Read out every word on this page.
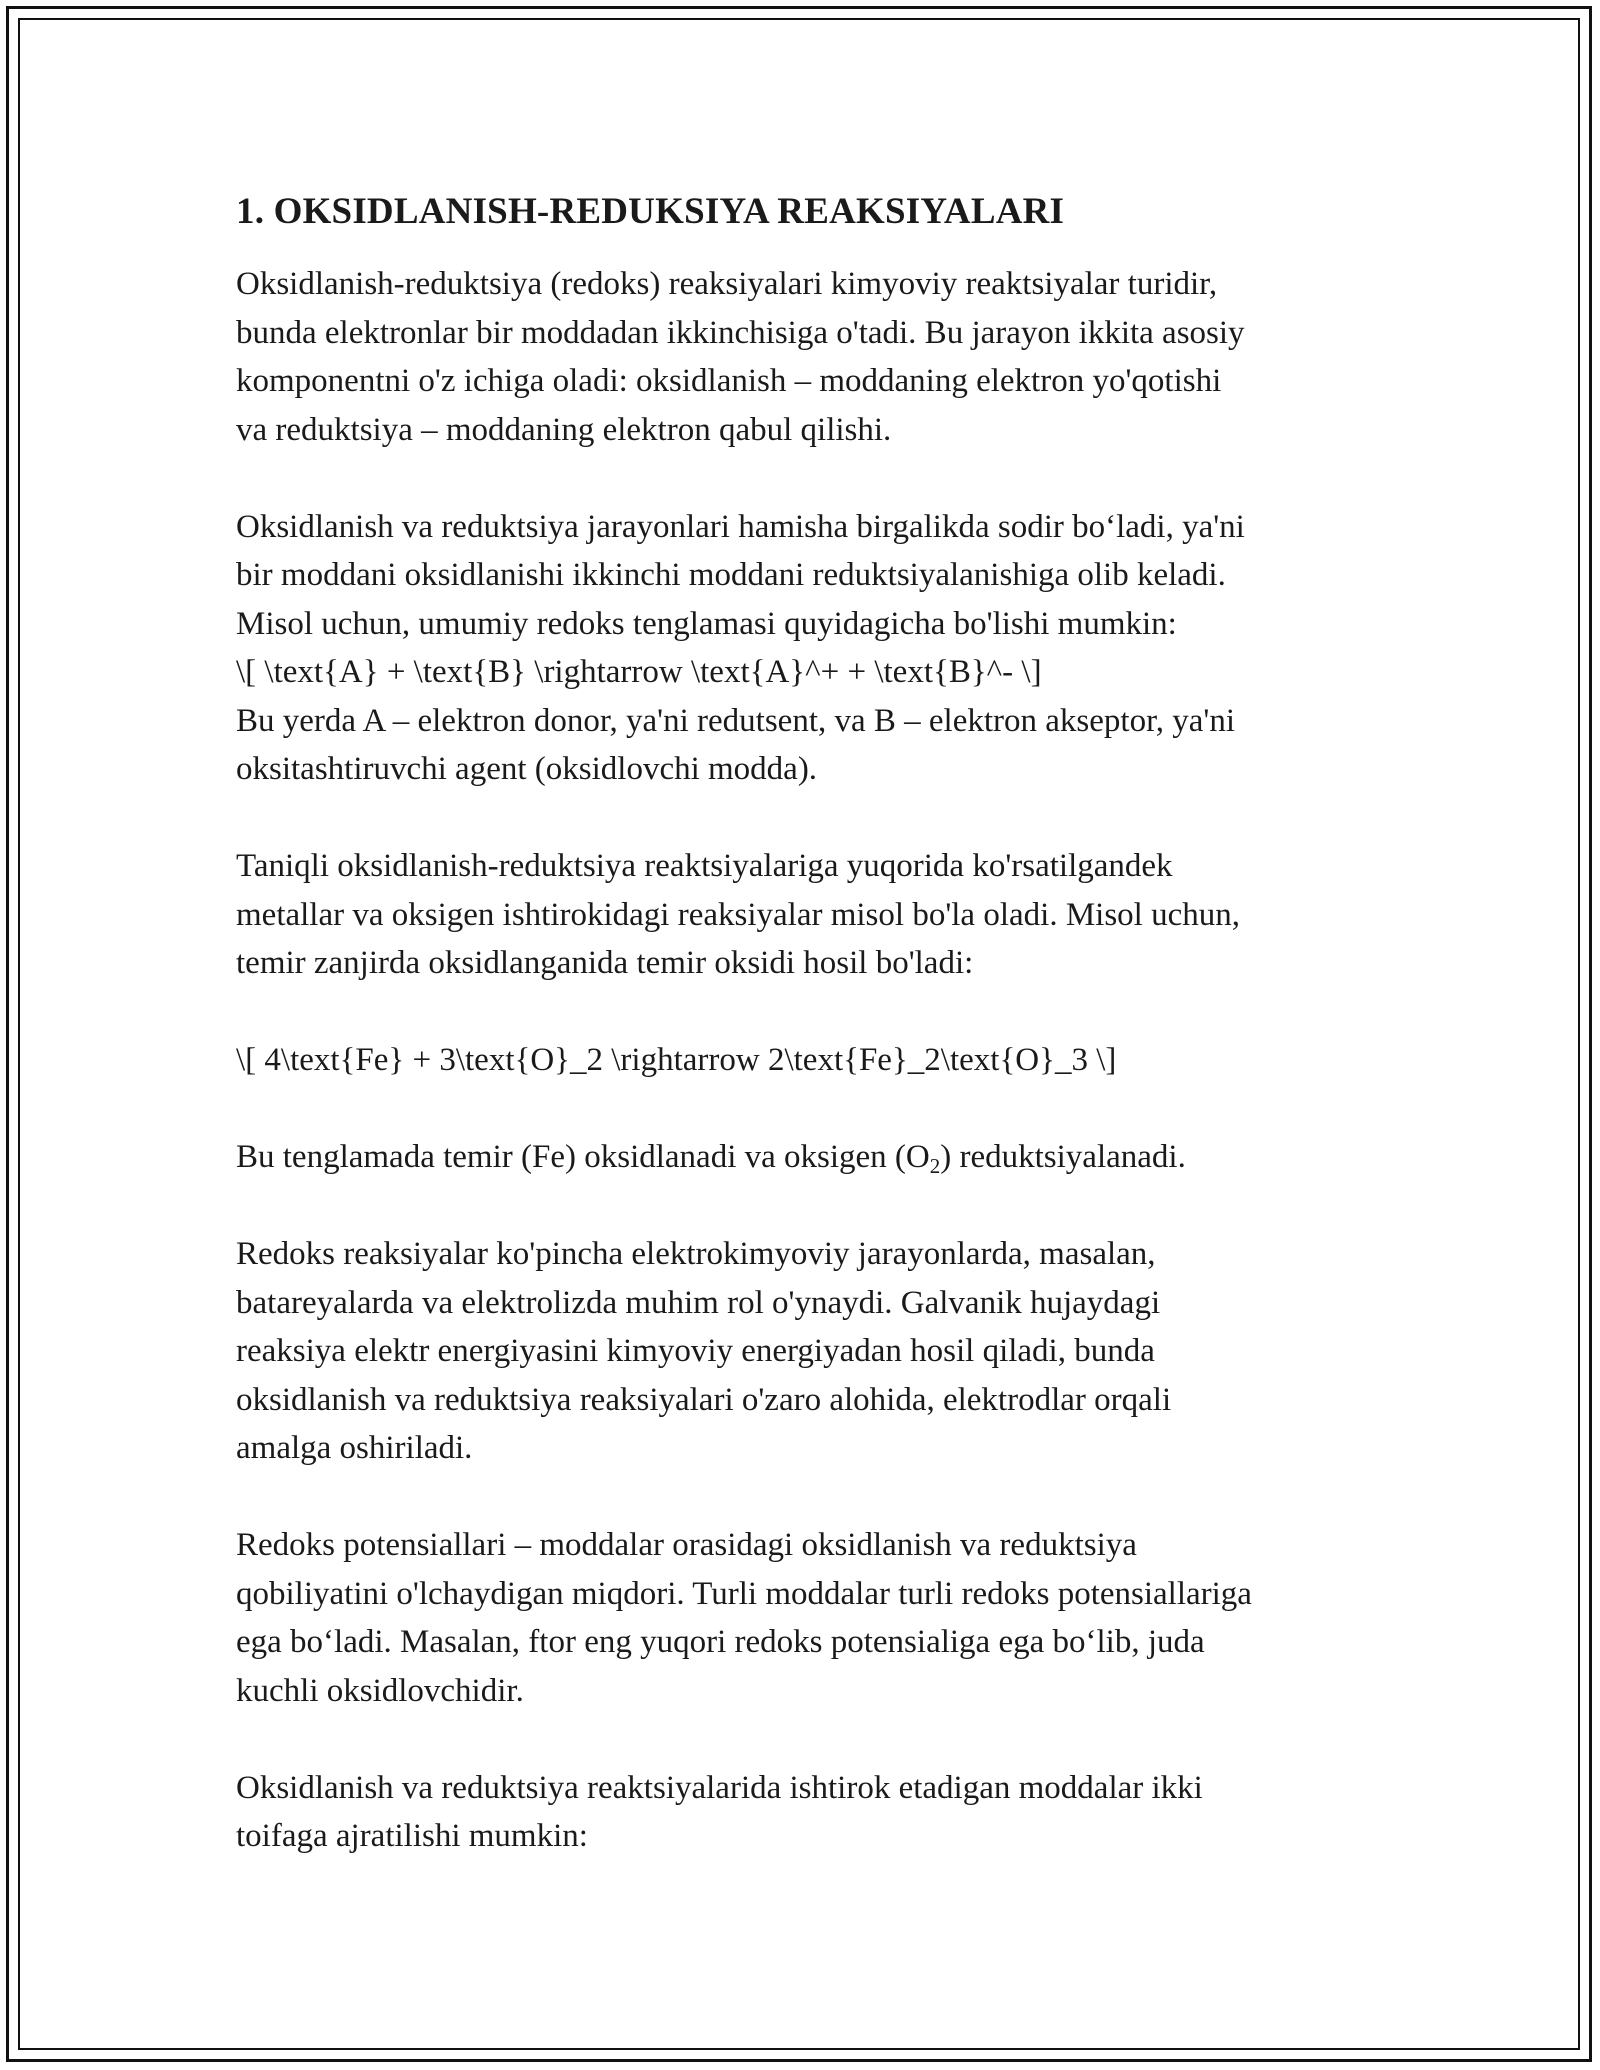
1. OKSIDLANISH-REDUKSIYA REAKSIYALARI

Oksidlanish-reduktsiya (redoks) reaksiyalari kimyoviy reaktsiyalar turidir,
bunda elektronlar bir moddadan ikkinchisiga o'tadi. Bu jarayon ikkita asosiy
komponentni o'z ichiga oladi: oksidlanish – moddaning elektron yo'qotishi
va reduktsiya – moddaning elektron qabul qilishi.

Oksidlanish va reduktsiya jarayonlari hamisha birgalikda sodir boʻladi, ya'ni
bir moddani oksidlanishi ikkinchi moddani reduktsiyalanishiga olib keladi.
Misol uchun, umumiy redoks tenglamasi quyidagicha bo'lishi mumkin:
\[ \text{A} + \text{B} \rightarrow \text{A}^+ + \text{B}^- \]
Bu yerda A – elektron donor, ya'ni redutsent, va B – elektron akseptor, ya'ni
oksitashtiruvchi agent (oksidlovchi modda).

Taniqli oksidlanish-reduktsiya reaktsiyalariga yuqorida ko'rsatilgandek
metallar va oksigen ishtirokidagi reaksiyalar misol bo'la oladi. Misol uchun,
temir zanjirda oksidlanganida temir oksidi hosil bo'ladi:

\[ 4\text{Fe} + 3\text{O}_2 \rightarrow 2\text{Fe}_2\text{O}_3 \]

Bu tenglamada temir (Fe) oksidlanadi va oksigen $(O_2)$ reduktsiyalanadi.

Redoks reaksiyalar ko'pincha elektrokimyoviy jarayonlarda, masalan,
batareyalarda va elektrolizda muhim rol o'ynaydi. Galvanik hujaydagi
reaksiya elektr energiyasini kimyoviy energiyadan hosil qiladi, bunda
oksidlanish va reduktsiya reaksiyalari o'zaro alohida, elektrodlar orqali
amalga oshiriladi.

Redoks potensiallari – moddalar orasidagi oksidlanish va reduktsiya
qobiliyatini o'lchaydigan miqdori. Turli moddalar turli redoks potensiallariga
ega boʻladi. Masalan, ftor eng yuqori redoks potensialiga ega boʻlib, juda
kuchli oksidlovchidir.

Oksidlanish va reduktsiya reaktsiyalarida ishtirok etadigan moddalar ikki
toifaga ajratilishi mumkin:
